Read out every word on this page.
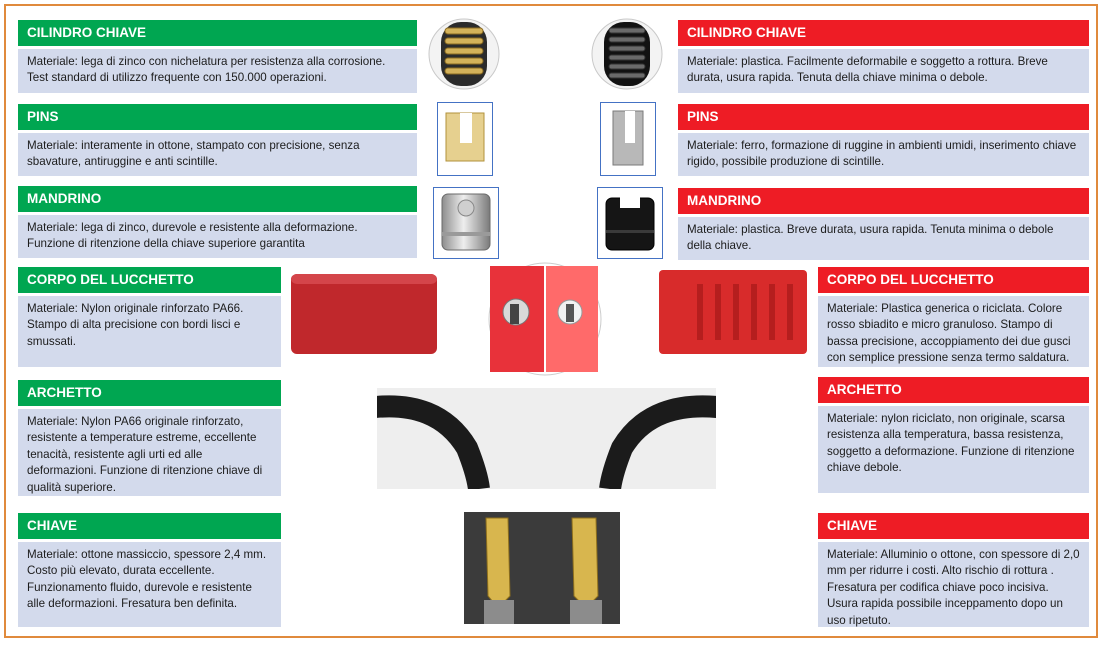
CILINDRO CHIAVE
Materiale: lega di zinco con nichelatura per resistenza alla corrosione. Test standard di utilizzo frequente con 150.000 operazioni.
PINS
Materiale: interamente in ottone, stampato con precisione, senza sbavature, antiruggine e anti scintille.
MANDRINO
Materiale: lega di zinco, durevole e resistente alla deformazione. Funzione di ritenzione della chiave superiore garantita
CORPO DEL LUCCHETTO
Materiale: Nylon originale rinforzato PA66. Stampo di alta precisione con bordi lisci e smussati.
ARCHETTO
Materiale: Nylon PA66 originale rinforzato, resistente a temperature estreme, eccellente tenacità, resistente agli urti ed alle deformazioni. Funzione di ritenzione chiave di qualità superiore.
CHIAVE
Materiale: ottone massiccio, spessore 2,4 mm. Costo più elevato, durata eccellente. Funzionamento fluido, durevole e resistente alle deformazioni. Fresatura ben definita.
CILINDRO CHIAVE
Materiale: plastica. Facilmente deformabile e soggetto a rottura. Breve durata, usura rapida. Tenuta della chiave minima o debole.
PINS
Materiale: ferro, formazione di ruggine in ambienti umidi, inserimento chiave rigido, possibile produzione di scintille.
MANDRINO
Materiale: plastica. Breve durata, usura rapida. Tenuta minima o debole della chiave.
CORPO DEL LUCCHETTO
Materiale: Plastica generica o riciclata. Colore rosso sbiadito e micro granuloso. Stampo di bassa precisione, accoppiamento dei due gusci con semplice pressione senza termo saldatura.
ARCHETTO
Materiale: nylon riciclato, non originale, scarsa resistenza alla temperatura, bassa resistenza, soggetto a deformazione. Funzione di ritenzione chiave debole.
CHIAVE
Materiale: Alluminio o ottone, con spessore di 2,0 mm per ridurre i costi. Alto rischio di rottura . Fresatura per codifica chiave poco incisiva. Usura rapida possibile inceppamento dopo un uso ripetuto.
